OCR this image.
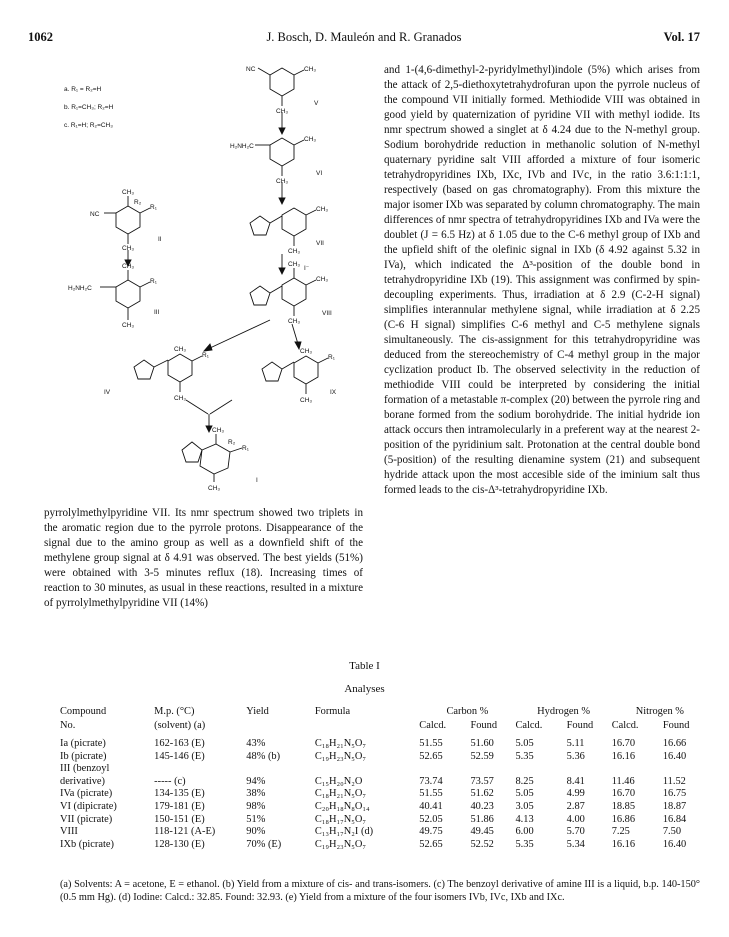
1062	J. Bosch, D. Mauleón and R. Granados	Vol. 17
a. R₁ = R₂=H
b. R₁=CH₃; R₂=H
c. R₁=H; R₂=CH₃
V
VI
VII
VIII
II
III
IV	IX
I
NC	CH₃
CH₃
H₂NH₂C
CH₃
CH₃
CH₃
CH₃
CH₃
I⁻
CH₃
CH₃
CH₃
R₂
NC
R₁
CH₃
CH₃
H₂NH₂C
R₁
CH₃
CH₃
R₁
CH₃
CH₃
R₁
CH₃
CH₃
R₂
R₁
CH₃

and 1-(4,6-dimethyl-2-pyridylmethyl)indole (5%) which arises from the attack of 2,5-diethoxytetrahydrofuran upon the pyrrole nucleus of the compound VII initially formed. Methiodide VIII was obtained in good yield by quaternization of pyridine VII with methyl iodide. Its nmr spectrum showed a singlet at δ 4.24 due to the N-methyl group. Sodium borohydride reduction in methanolic solution of N-methyl quaternary pyridine salt VIII afforded a mixture of four isomeric tetrahydropyridines IXb, IXc, IVb and IVc, in the ratio 3.6:1:1:1, respectively (based on gas chromatography). From this mixture the major isomer IXb was separated by column chromatography. The main differences of nmr spectra of tetrahydropyridines IXb and IVa were the doublet (J = 6.5 Hz) at δ 1.05 due to the C-6 methyl group of IXb and the upfield shift of the olefinic signal in IXb (δ 4.92 against 5.32 in IVa), which indicated the Δ³-position of the double bond in tetrahydropyridine IXb (19). This assignment was confirmed by spin-decoupling experiments. Thus, irradiation at δ 2.9 (C-2-H signal) simplifies interannular methylene signal, while irradiation at δ 2.25 (C-6 H signal) simplifies C-6 methyl and C-5 methylene signals simultaneously. The cis-assignment for this tetrahydropyridine was deduced from the stereochemistry of C-4 methyl group in the major cyclization product Ib. The observed selectivity in the reduction of methiodide VIII could be interpreted by considering the initial formation of a metastable π-complex (20) between the pyrrole ring and borane formed from the sodium borohydride. The initial hydride ion attack occurs then intramolecularly in a preferent way at the nearest 2-position of the pyridinium salt. Protonation at the central double bond (5-position) of the resulting dienamine system (21) and subsequent hydride attack upon the most accesible side of the iminium salt thus formed leads to the cis-Δ³-tetrahydropyridine IXb.

pyrrolylmethylpyridine VII. Its nmr spectrum showed two triplets in the aromatic region due to the pyrrole protons. Disappearance of the signal due to the amino group as well as a downfield shift of the methylene group signal at δ 4.91 was observed. The best yields (51%) were obtained with 3-5 minutes reflux (18). Increasing times of reaction to 30 minutes, as usual in these reactions, resulted in a mixture of pyrrolylmethylpyridine VII (14%)

Table I
Analyses
Compound	M.p. (°C)	Yield	Formula	Carbon %		Hydrogen %		Nitrogen %	
No.	(solvent) (a)			Calcd.	Found	Calcd.	Found	Calcd.	Found
Ia (picrate)	162-163 (E)	43%	C₁₈H₂₁N₅O₇	51.55	51.60	5.05	5.11	16.70	16.66
Ib (picrate)	145-146 (E)	48% (b)	C₁₉H₂₃N₅O₇	52.65	52.59	5.35	5.36	16.16	16.40
III (benzoyl									
derivative)	----- (c)	94%	C₁₅H₂₀N₂O	73.74	73.57	8.25	8.41	11.46	11.52
IVa (picrate)	134-135 (E)	38%	C₁₈H₂₁N₅O₇	51.55	51.62	5.05	4.99	16.70	16.75
VI (dipicrate)	179-181 (E)	98%	C₂₀H₁₈N₈O₁₄	40.41	40.23	3.05	2.87	18.85	18.87
VII (picrate)	150-151 (E)	51%	C₁₈H₁₇N₅O₇	52.05	51.86	4.13	4.00	16.86	16.84
VIII	118-121 (A-E)	90%	C₁₃H₁₇N₂I (d)	49.75	49.45	6.00	5.70	7.25	7.50
IXb (picrate)	128-130 (E)	70% (E)	C₁₉H₂₃N₅O₇	52.65	52.52	5.35	5.34	16.16	16.40
(a) Solvents: A = acetone, E = ethanol. (b) Yield from a mixture of cis- and trans-isomers. (c) The benzoyl derivative of amine III is a liquid, b.p. 140-150° (0.5 mm Hg). (d) Iodine: Calcd.: 32.85. Found: 32.93. (e) Yield from a mixture of the four isomers IVb, IVc, IXb and IXc.
